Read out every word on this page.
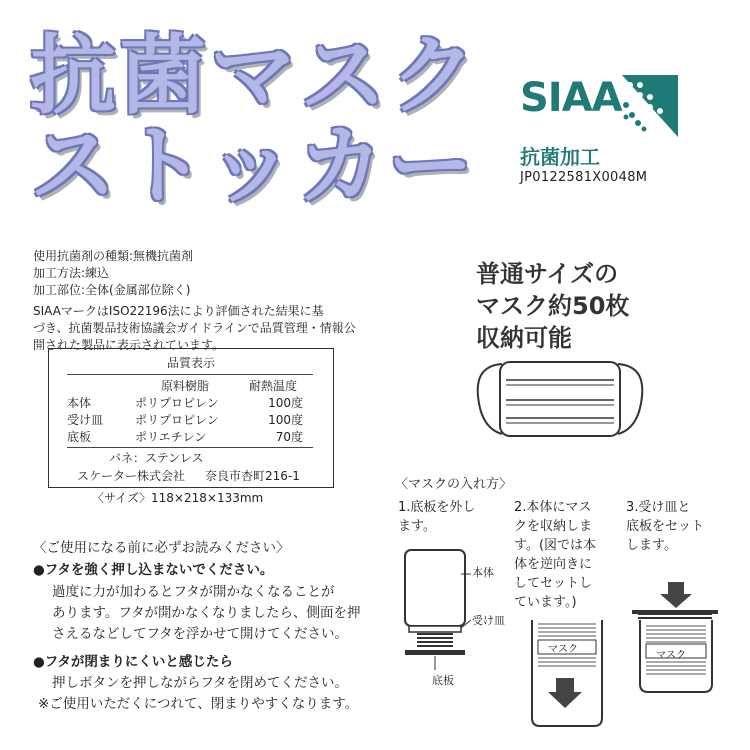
抗菌マスク
ストッカー
SIAA
抗菌加工
JP0122581X0048M
使用抗菌剤の種類:無機抗菌剤
加工方法:練込
加工部位:全体(金属部位除く)
SIAAマークはISO22196法により評価された結果に基
づき、抗菌製品技術協議会ガイドラインで品質管理・情報公
開された製品に表示されています。
品質表示
	原料樹脂	耐熱温度
本体	ポリプロピレン	100度
受け皿	ポリプロピレン	100度
底板	ポリエチレン	70度
バネ：ステンレス
スケーター株式会社 奈良市杏町216-1
〈サイズ〉118×218×133mm
普通サイズの
マスク約50枚
収納可能
〈マスクの入れ方〉
1.底板を外し
ます。
2.本体にマス
クを収納しま
す。(図では本
体を逆向きに
してセットし
ています。)
3.受け皿と
底板をセット
します。
本体
受け皿
底板
マスク
マスク
〈ご使用になる前に必ずお読みください〉
●フタを強く押し込まないでください。
過度に力が加わるとフタが開かなくなることが
あります。フタが開かなくなりましたら、側面を押
さえるなどしてフタを浮かせて開けてください。
●フタが閉まりにくいと感じたら
押しボタンを押しながらフタを閉めてください。
※ご使用いただくにつれて、閉まりやすくなります。
